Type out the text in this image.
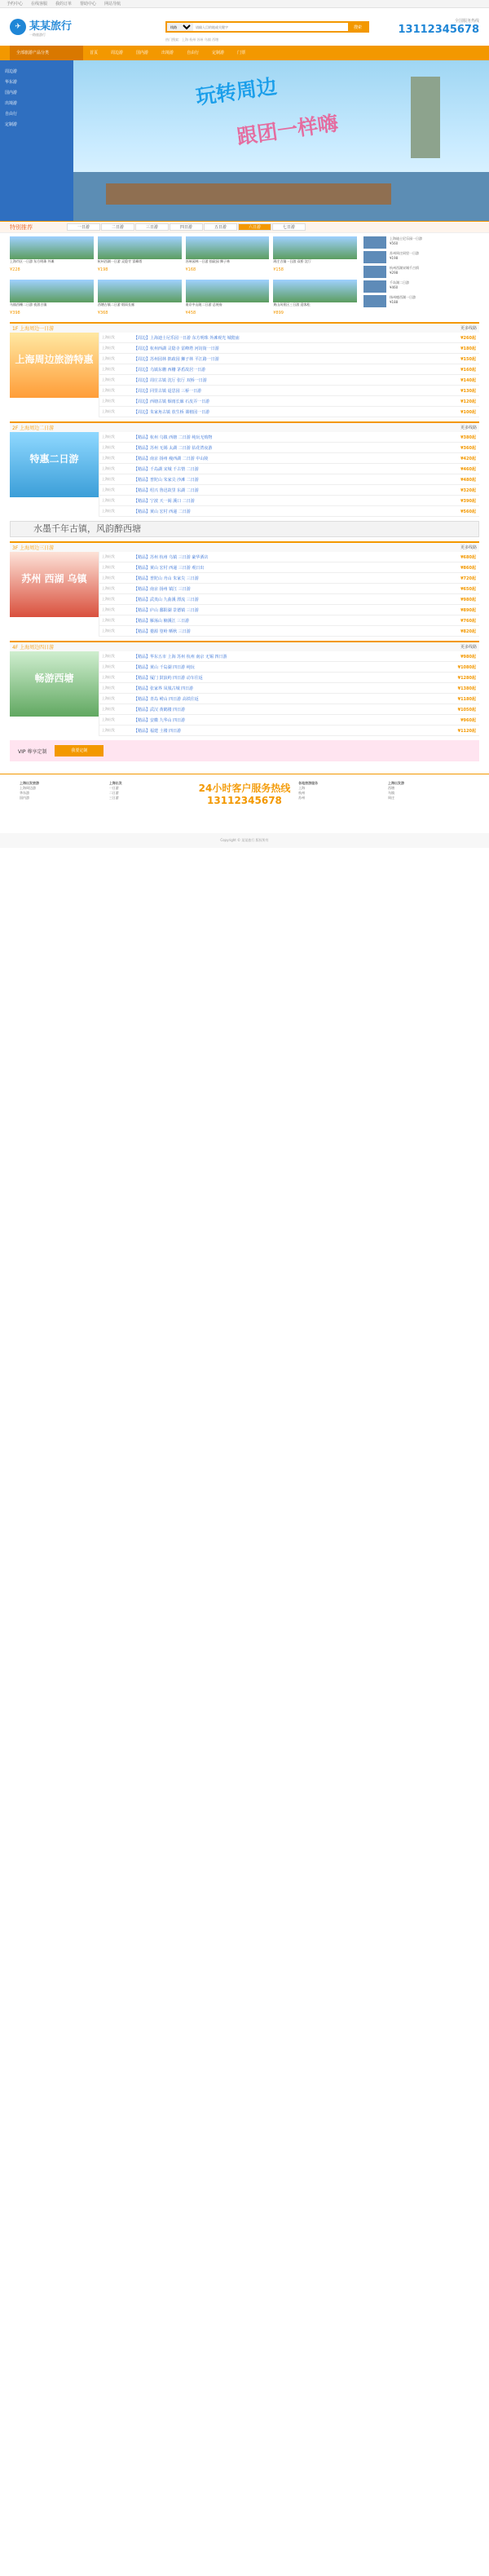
予约中心 在线客服 我的订单 帮助中心 网站导航
✈ 某某旅行
一路旅游行
线路
请输入目的地或关键字
搜索
全国服务热线
13112345678
热门搜索：上海 杭州 苏州 乌镇 西塘
全部旅游产品分类	首页	周边游	国内游	出境游	自由行	定制游	门票
周边游
华东游
国内游
出境游
自由行
定制游
玩转周边
跟团一样嗨
特别推荐	一日游	二日游	三日游	四日游	五日游	六日游	七日游
上海市区一日游 东方明珠 外滩
¥228
杭州西湖一日游 灵隐寺 雷峰塔
¥198
苏州园林一日游 拙政园 狮子林
¥168
周庄古镇一日游 双桥 沈厅
¥158
乌镇西栅二日游 夜游古镇
¥398
西塘古镇二日游 烟雨长廊
¥368
南京中山陵二日游 总统府
¥458
黄山风景区三日游 迎客松
¥899
上海迪士尼乐园一日游
¥560
苏州周庄同里一日游
¥198
杭州西湖宋城千古情
¥298
千岛湖二日游
¥460
扬州瘦西湖一日游
¥188
1F 上海周边一日游	更多线路
上海周边旅游特惠
上海出发	【周边】上海迪士尼乐园一日游 东方明珠 外滩观光 城隍庙	¥260起
上海出发	【周边】杭州西湖 灵隐寺 雷峰塔 河坊街一日游	¥180起
上海出发	【周边】苏州园林 拙政园 狮子林 平江路一日游	¥150起
上海出发	【周边】乌镇东栅 西栅 茅盾故居一日游	¥160起
上海出发	【周边】周庄古镇 沈厅 张厅 双桥一日游	¥140起
上海出发	【周边】同里古镇 退思园 三桥一日游	¥130起
上海出发	【周边】西塘古镇 烟雨长廊 石皮弄一日游	¥120起
上海出发	【周边】朱家角古镇 放生桥 课植园一日游	¥100起
2F 上海周边二日游	更多线路
特惠二日游
上海出发	【精品】杭州 乌镇 西塘 二日游 纯玩无购物	¥380起
上海出发	【精品】苏州 无锡 太湖 二日游 拈花湾夜游	¥360起
上海出发	【精品】南京 扬州 瘦西湖 二日游 中山陵	¥420起
上海出发	【精品】千岛湖 宋城 千古情 二日游	¥460起
上海出发	【精品】普陀山 朱家尖 沙滩 二日游	¥480起
上海出发	【精品】绍兴 鲁迅故里 东湖 二日游	¥320起
上海出发	【精品】宁波 天一阁 溪口 二日游	¥390起
上海出发	【精品】黄山 宏村 西递 二日游	¥560起
水墨千年古镇，风韵醉西塘
3F 上海周边三日游	更多线路
苏州 西湖 乌镇
上海出发	【精品】苏州 杭州 乌镇 三日游 豪华酒店	¥680起
上海出发	【精品】黄山 宏村 西递 三日游 观日出	¥860起
上海出发	【精品】普陀山 舟山 朱家尖 三日游	¥720起
上海出发	【精品】南京 扬州 镇江 三日游	¥650起
上海出发	【精品】武夷山 九曲溪 漂流 三日游	¥980起
上海出发	【精品】庐山 鄱阳湖 景德镇 三日游	¥890起
上海出发	【精品】雁荡山 楠溪江 三日游	¥760起
上海出发	【精品】婺源 篁岭 晒秋 三日游	¥820起
4F 上海周边四日游	更多线路
畅游西塘
上海出发	【精品】华东五市 上海 苏州 杭州 南京 无锡 四日游	¥980起
上海出发	【精品】黄山 千岛湖 四日游 纯玩	¥1080起
上海出发	【精品】厦门 鼓浪屿 四日游 动车往返	¥1280起
上海出发	【精品】张家界 凤凰古城 四日游	¥1380起
上海出发	【精品】青岛 崂山 四日游 高铁往返	¥1180起
上海出发	【精品】武汉 黄鹤楼 四日游	¥1050起
上海出发	【精品】安徽 九华山 四日游	¥960起
上海出发	【精品】福建 土楼 四日游	¥1120起
VIP 尊享定制	我要定制
上海出发旅游
上海周边游
华东游
国内游
上海出发
一日游
二日游
三日游
24小时客户服务热线
13112345678
各地旅游服务
上海
杭州
苏州
上海出发游
西塘
乌镇
周庄
Copyright © 某某旅行 版权所有
